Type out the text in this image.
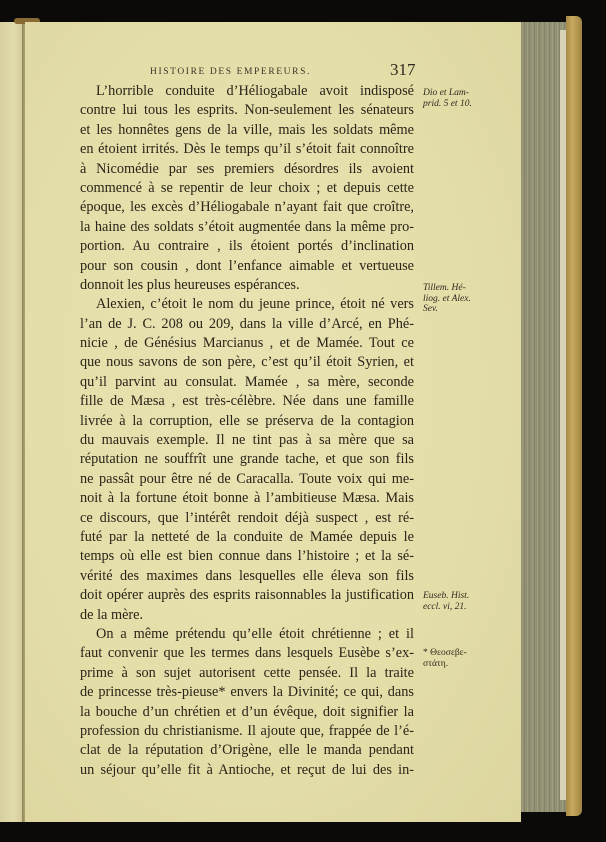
HISTOIRE DES EMPEREURS.	317
L’horrible conduite d’Héliogabale avoit indisposé
contre lui tous les esprits. Non-seulement les sénateurs
et les honnêtes gens de la ville, mais les soldats même
en étoient irrités. Dès le temps qu’il s’étoit fait connoître
à Nicomédie par ses premiers désordres ils avoient
commencé à se repentir de leur choix ; et depuis cette
époque, les excès d’Héliogabale n’ayant fait que croître,
la haine des soldats s’étoit augmentée dans la même pro-
portion. Au contraire , ils étoient portés d’inclination
pour son cousin , dont l’enfance aimable et vertueuse
donnoit les plus heureuses espérances.
Alexien, c’étoit le nom du jeune prince, étoit né vers
l’an de J. C. 208 ou 209, dans la ville d’Arcé, en Phé-
nicie , de Génésius Marcianus , et de Mamée. Tout ce
que nous savons de son père, c’est qu’il étoit Syrien, et
qu’il parvint au consulat. Mamée , sa mère, seconde
fille de Mæsa , est très-célèbre. Née dans une famille
livrée à la corruption, elle se préserva de la contagion
du mauvais exemple. Il ne tint pas à sa mère que sa
réputation ne souffrît une grande tache, et que son fils
ne passât pour être né de Caracalla. Toute voix qui me-
noit à la fortune étoit bonne à l’ambitieuse Mæsa. Mais
ce discours, que l’intérêt rendoit déjà suspect , est ré-
futé par la netteté de la conduite de Mamée depuis le
temps où elle est bien connue dans l’histoire ; et la sé-
vérité des maximes dans lesquelles elle éleva son fils
doit opérer auprès des esprits raisonnables la justification
de la mère.
On a même prétendu qu’elle étoit chrétienne ; et il
faut convenir que les termes dans lesquels Eusèbe s’ex-
prime à son sujet autorisent cette pensée. Il la traite
de princesse très-pieuse* envers la Divinité; ce qui, dans
la bouche d’un chrétien et d’un évêque, doit signifier la
profession du christianisme. Il ajoute que, frappée de l’é-
clat de la réputation d’Origène, elle le manda pendant
un séjour qu’elle fit à Antioche, et reçut de lui des in-
Dio et Lam-
prid. 5 et 10.
Tillem. Hé-
liog. et Alex.
Sev.
Euseb. Hist.
eccl. vi, 21.
* Θεοσεβε-
στάτη.
